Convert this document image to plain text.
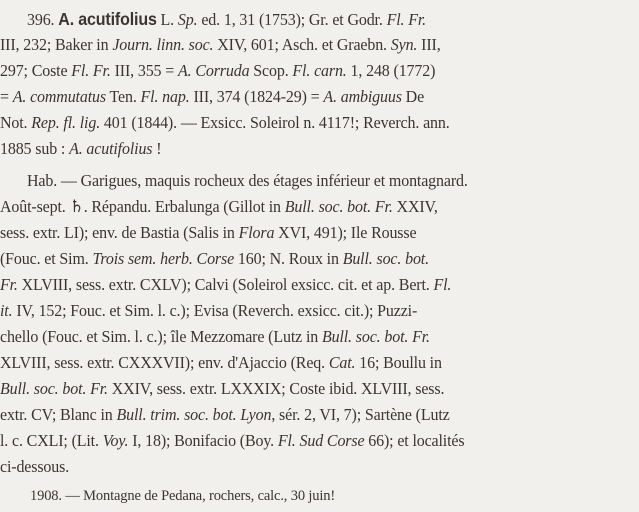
396. A. acutifolius L. Sp. ed. 1, 31 (1753); Gr. et Godr. Fl. Fr.
III, 232; Baker in Journ. linn. soc. XIV, 601; Asch. et Graebn. Syn. III,
297; Coste Fl. Fr. III, 355 = A. Corruda Scop. Fl. carn. 1, 248 (1772)
= A. commutatus Ten. Fl. nap. III, 374 (1824-29) = A. ambiguus De
Not. Rep. fl. lig. 401 (1844). — Exsicc. Soleirol n. 4117!; Reverch. ann.
1885 sub : A. acutifolius !
Hab. — Garigues, maquis rocheux des étages inférieur et montagnard.
Août-sept. ♄. Répandu. Erbalunga (Gillot in Bull. soc. bot. Fr. XXIV,
sess. extr. LI); env. de Bastia (Salis in Flora XVI, 491); Ile Rousse
(Fouc. et Sim. Trois sem. herb. Corse 160; N. Roux in Bull. soc. bot.
Fr. XLVIII, sess. extr. CXLV); Calvi (Soleirol exsicc. cit. et ap. Bert. Fl.
it. IV, 152; Fouc. et Sim. l. c.); Evisa (Reverch. exsicc. cit.); Puzzi-
chello (Fouc. et Sim. l. c.); île Mezzomare (Lutz in Bull. soc. bot. Fr.
XLVIII, sess. extr. CXXXVII); env. d'Ajaccio (Req. Cat. 16; Boullu in
Bull. soc. bot. Fr. XXIV, sess. extr. LXXXIX; Coste ibid. XLVIII, sess.
extr. CV; Blanc in Bull. trim. soc. bot. Lyon, sér. 2, VI, 7); Sartène (Lutz
l. c. CXLI; (Lit. Voy. I, 18); Bonifacio (Boy. Fl. Sud Corse 66); et localités
ci-dessous.
1908. — Montagne de Pedana, rochers, calc., 30 juin!
